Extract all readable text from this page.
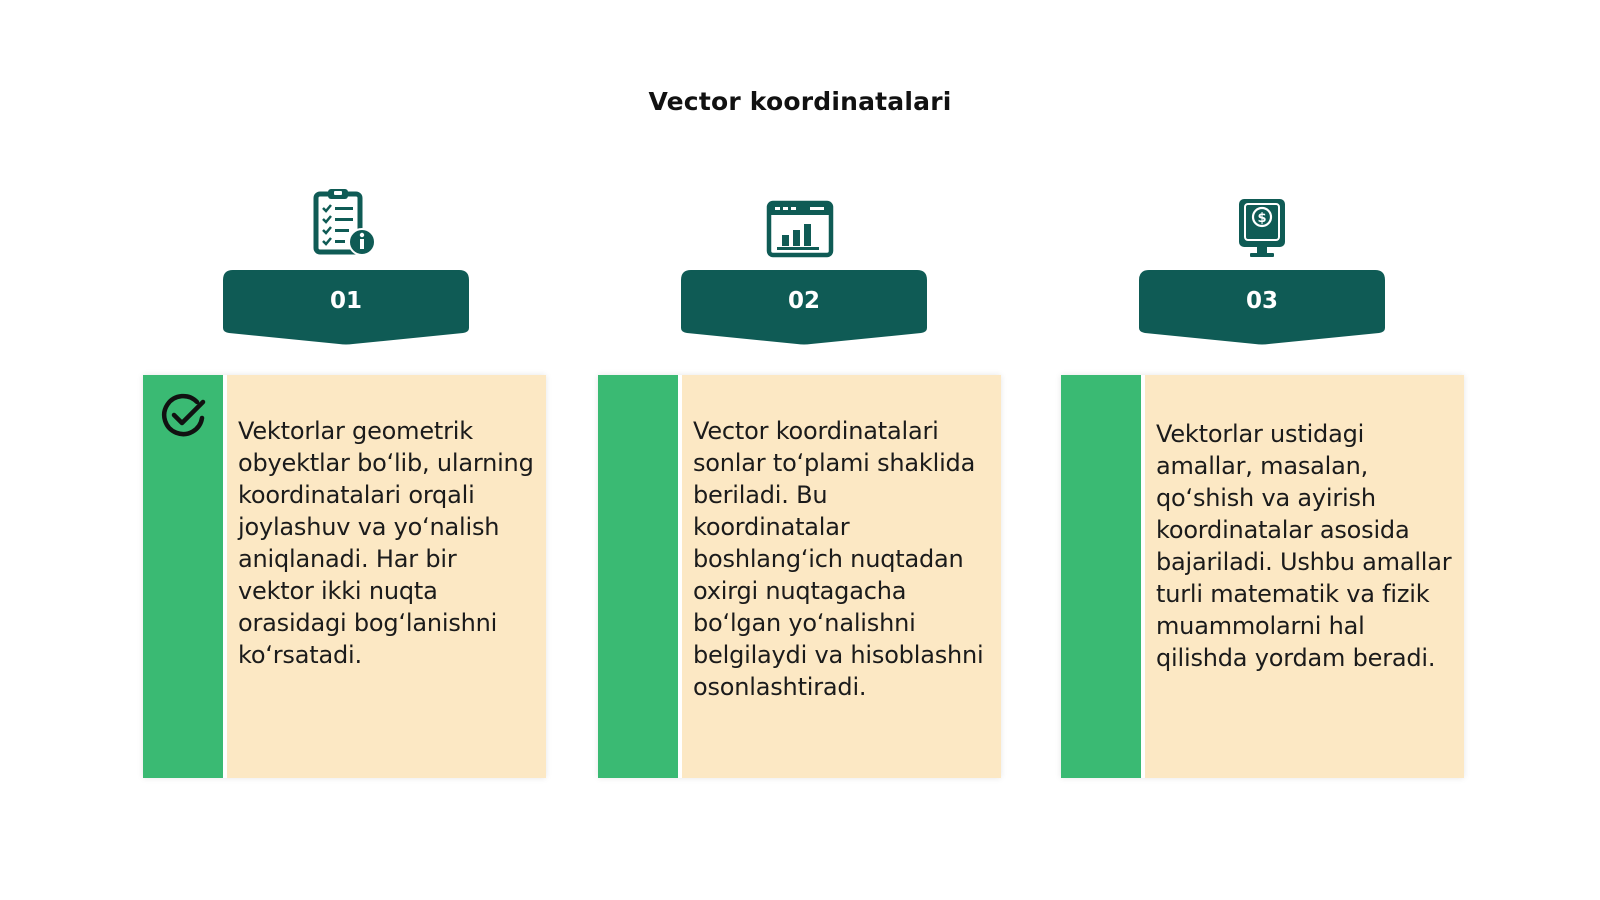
Vector koordinatalari
01
Vektorlar geometrik obyektlar boʻlib, ularning koordinatalari orqali joylashuv va yoʻnalish aniqlanadi. Har bir vektor ikki nuqta orasidagi bogʻlanishni koʻrsatadi.
02
Vector koordinatalari sonlar toʻplami shaklida beriladi. Bu koordinatalar boshlangʻich nuqtadan oxirgi nuqtagacha boʻlgan yoʻnalishni belgilaydi va hisoblashni osonlashtiradi.
$
03
Vektorlar ustidagi amallar, masalan, qoʻshish va ayirish koordinatalar asosida bajariladi. Ushbu amallar turli matematik va fizik muammolarni hal qilishda yordam beradi.
